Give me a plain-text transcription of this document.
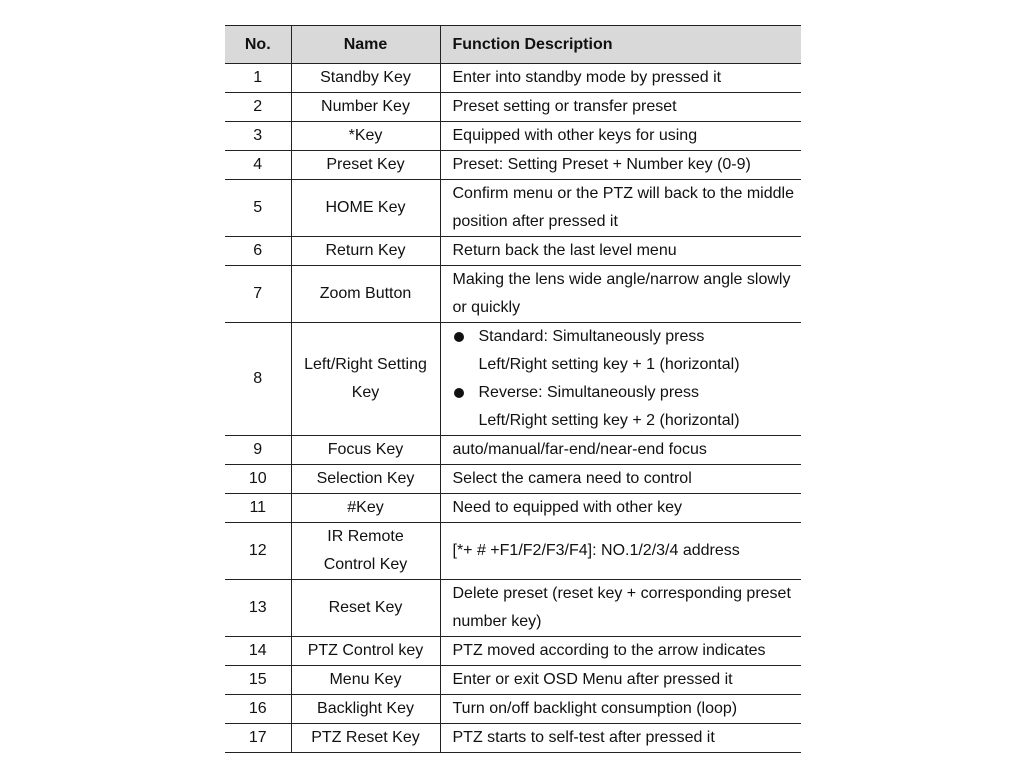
No.	Name	Function Description
1	Standby Key	Enter into standby mode by pressed it
2	Number Key	Preset setting or transfer preset
3	*Key	Equipped with other keys for using
4	Preset Key	Preset: Setting Preset + Number key (0-9)
5	HOME Key	Confirm menu or the PTZ will back to the middle position after pressed it
6	Return Key	Return back the last level menu
7	Zoom Button	Making the lens wide angle/narrow angle slowly or quickly
8	Left/Right Setting Key	Standard: Simultaneously press
Left/Right setting key + 1 (horizontal)
Reverse: Simultaneously press
Left/Right setting key + 2 (horizontal)

9	Focus Key	auto/manual/far-end/near-end focus
10	Selection Key	Select the camera need to control
11	#Key	Need to equipped with other key
12	IR Remote Control Key	[*+ # +F1/F2/F3/F4]: NO.1/2/3/4 address
13	Reset Key	Delete preset (reset key + corresponding preset number key)
14	PTZ Control key	PTZ moved according to the arrow indicates
15	Menu Key	Enter or exit OSD Menu after pressed it
16	Backlight Key	Turn on/off backlight consumption (loop)
17	PTZ Reset Key	PTZ starts to self-test after pressed it
